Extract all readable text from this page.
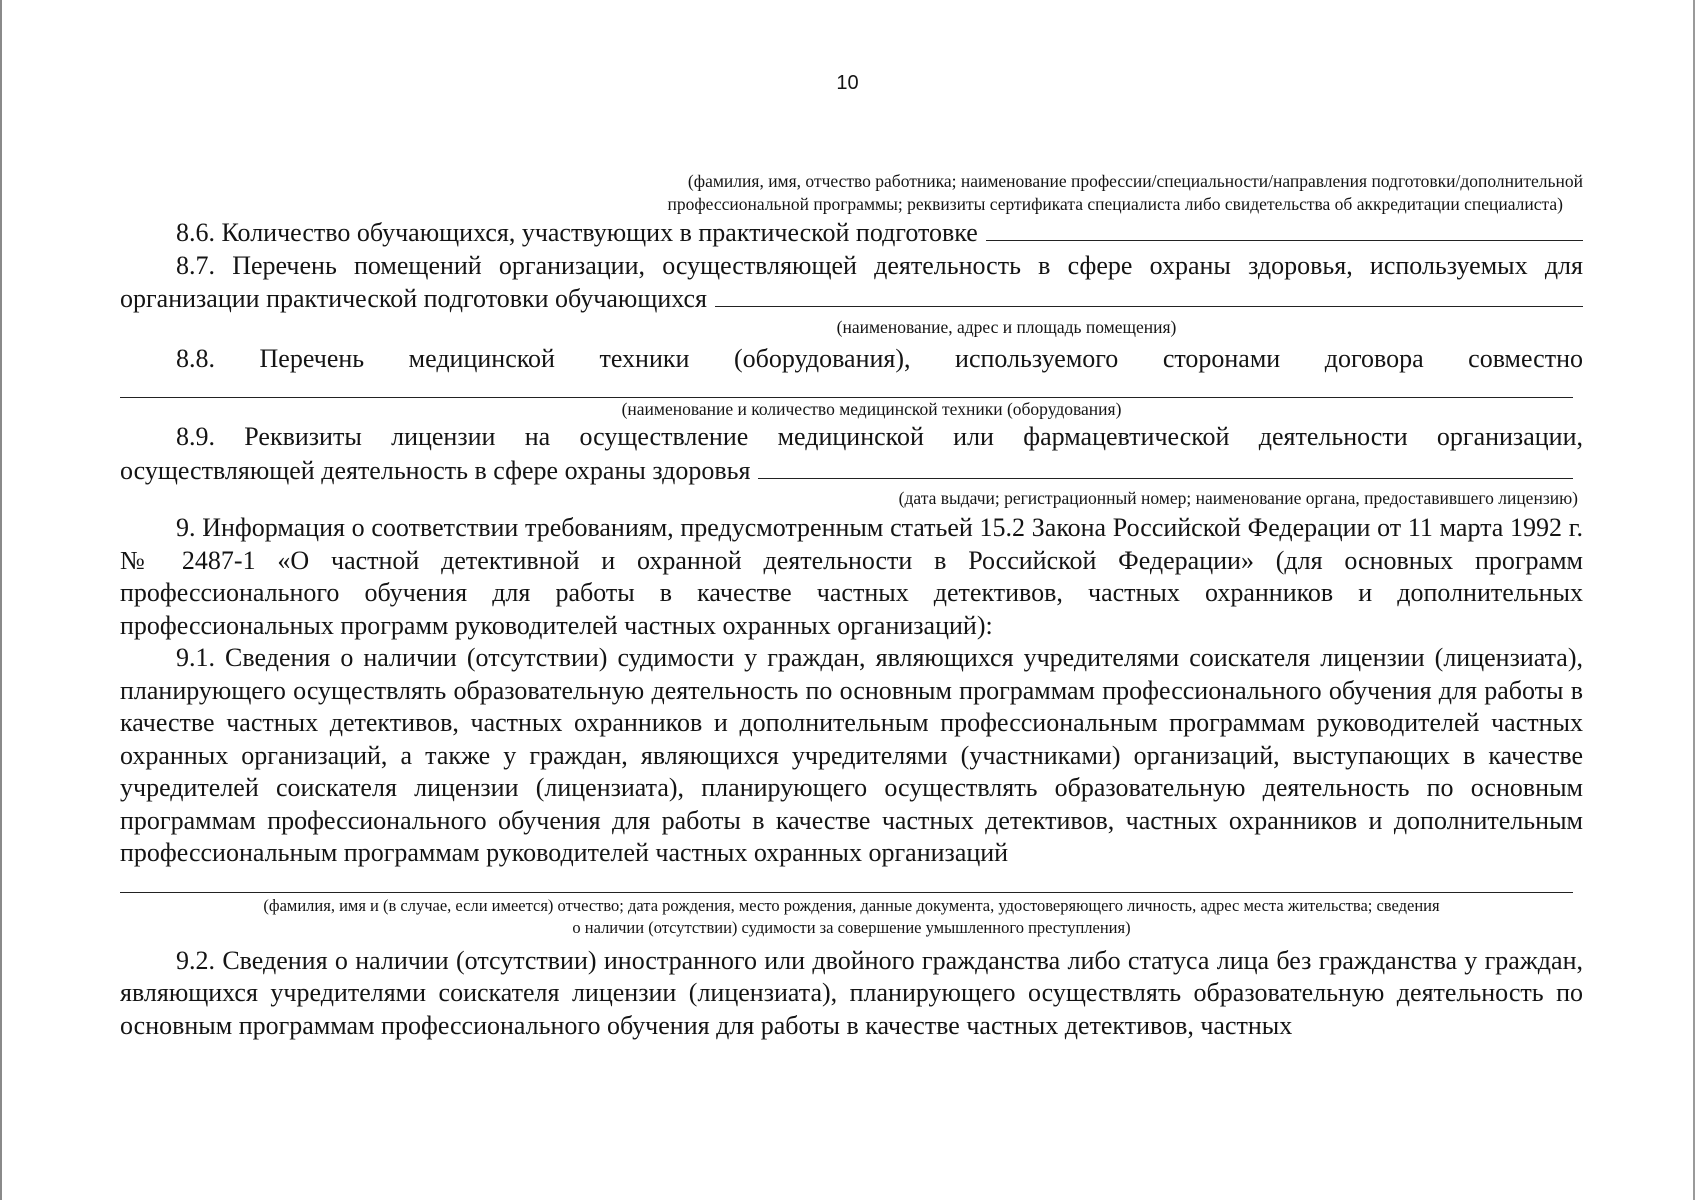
10
(фамилия, имя, отчество работника; наименование профессии/специальности/направления подготовки/дополнительной
профессиональной программы; реквизиты сертификата специалиста либо свидетельства об аккредитации специалиста)
8.6. Количество обучающихся, участвующих в практической подготовке

8.7. Перечень помещений организации, осуществляющей деятельность в сфере охраны здоровья, используемых для

организации практической подготовки обучающихся
(наименование, адрес и площадь помещения)

8.8. Перечень медицинской техники (оборудования), используемого сторонами договора совместно

(наименование и количество медицинской техники (оборудования)

8.9. Реквизиты лицензии на осуществление медицинской или фармацевтической деятельности организации,

осуществляющей деятельность в сфере охраны здоровья
(дата выдачи; регистрационный номер; наименование органа, предоставившего лицензию)

9. Информация о соответствии требованиям, предусмотренным статьей 15.2 Закона Российской Федерации от 11 марта 1992 г. № 2487-1 «О частной детективной и охранной деятельности в Российской Федерации» (для основных программ профессионального обучения для работы в качестве частных детективов, частных охранников и дополнительных профессиональных программ руководителей частных охранных организаций):

9.1. Сведения о наличии (отсутствии) судимости у граждан, являющихся учредителями соискателя лицензии (лицензиата), планирующего осуществлять образовательную деятельность по основным программам профессионального обучения для работы в качестве частных детективов, частных охранников и дополнительным профессиональным программам руководителей частных охранных организаций, а также у граждан, являющихся учредителями (участниками) организаций, выступающих в качестве учредителей соискателя лицензии (лицензиата), планирующего осуществлять образовательную деятельность по основным программам профессионального обучения для работы в качестве частных детективов, частных охранников и дополнительным профессиональным программам руководителей частных охранных организаций

(фамилия, имя и (в случае, если имеется) отчество; дата рождения, место рождения, данные документа, удостоверяющего личность, адрес места жительства; сведения
о наличии (отсутствии) судимости за совершение умышленного преступления)

9.2. Сведения о наличии (отсутствии) иностранного или двойного гражданства либо статуса лица без гражданства у граждан, являющихся учредителями соискателя лицензии (лицензиата), планирующего осуществлять образовательную деятельность по основным программам профессионального обучения для работы в качестве частных детективов, частных
